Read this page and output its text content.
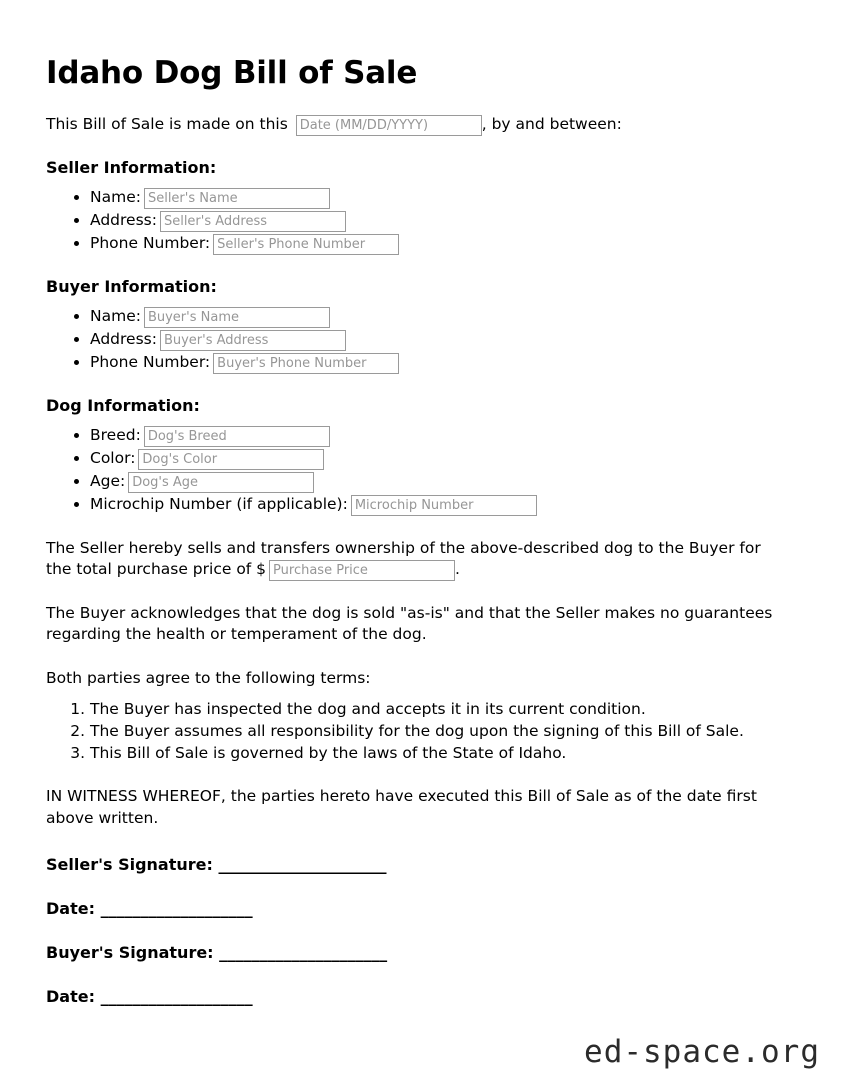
Idaho Dog Bill of Sale

This Bill of Sale is made on this Date (MM/DD/YYYY)	, by and between:

Seller Information:
• Name:Seller's Name
• Address:Seller's Address
• Phone Number:Seller's Phone Number
Buyer Information:
• Name:Buyer's Name
• Address:Buyer's Address
• Phone Number:Buyer's Phone Number
Dog Information:
• Breed:Dog's Breed
• Color:Dog's Color
• Age:Dog's Age
• Microchip Number (if applicable):Microchip Number

The Seller hereby sells and transfers ownership of the above-described dog to the Buyer for the total purchase price of $Purchase Price	.

The Buyer acknowledges that the dog is sold "as-is" and that the Seller makes no guarantees regarding the health or temperament of the dog.

Both parties agree to the following terms:

1. The Buyer has inspected the dog and accepts it in its current condition.
2. The Buyer assumes all responsibility for the dog upon the signing of this Bill of Sale.
3. This Bill of Sale is governed by the laws of the State of Idaho.

IN WITNESS WHEREOF, the parties hereto have executed this Bill of Sale as of the date first above written.

Seller's Signature: _____________________
Date: ___________________
Buyer's Signature: _____________________
Date: ___________________
ed-space.org
